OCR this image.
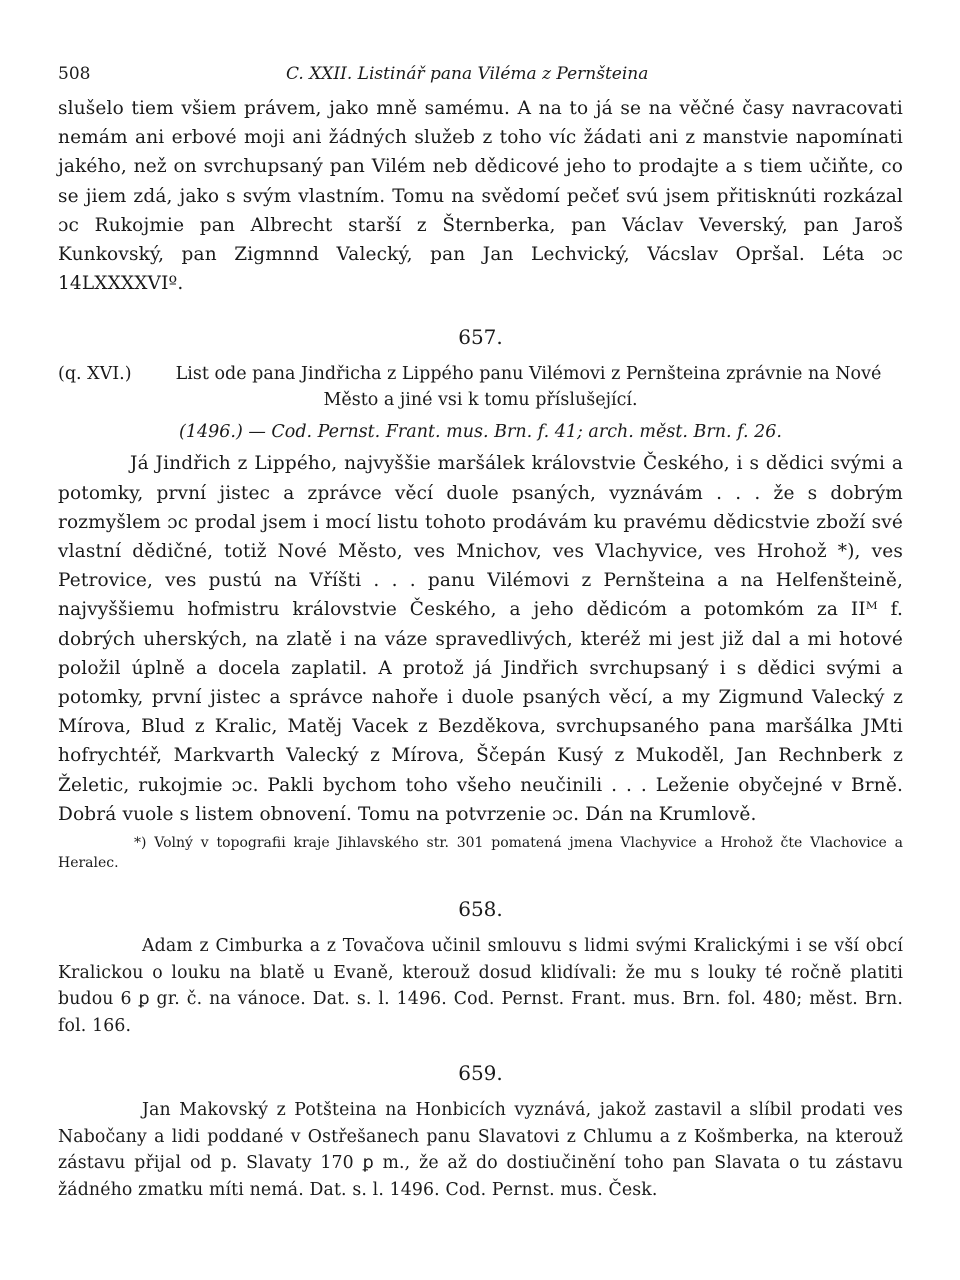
508	C. XXII. Listinář pana Viléma z Pernšteina

slušelo tiem všiem právem, jako mně samému. A na to já se na věčné časy navracovati nemám ani erbové moji ani žádných služeb z toho víc žádati ani z manstvie napomínati jakého, než on svrchupsaný pan Vilém neb dědicové jeho to prodajte a s tiem učiňte, co se jiem zdá, jako s svým vlastním. Tomu na svědomí pečeť svú jsem přitisknúti rozkázal ɔc Rukojmie pan Albrecht starší z Šternberka, pan Václav Veverský, pan Jaroš Kunkovský, pan Zigmnnd Valecký, pan Jan Lechvický, Vácslav Opršal. Léta ɔc 14LXXXXVIº.

657.
(q. XVI.)	List ode pana Jindřicha z Lippého panu Vilémovi z Pernšteina zprávnie na Nové Město a jiné vsi k tomu příslušející.
(1496.) — Cod. Pernst. Frant. mus. Brn. f. 41; arch. měst. Brn. f. 26.

Já Jindřich z Lippého, najvyššie maršálek královstvie Českého, i s dědici svými a potomky, první jistec a zprávce věcí duole psaných, vyznávám . . . že s dobrým rozmyšlem ɔc prodal jsem i mocí listu tohoto prodávám ku pravému dědicstvie zboží své vlastní dědičné, totiž Nové Město, ves Mnichov, ves Vlachyvice, ves Hrohož *), ves Petrovice, ves pustú na Vříšti . . . panu Vilémovi z Pernšteina a na Helfenšteině, najvyššiemu hofmistru královstvie Českého, a jeho dědicóm a potomkóm za IIᴹ f. dobrých uherských, na zlatě i na váze spravedlivých, kteréž mi jest již dal a mi hotové položil úplně a docela zaplatil. A protož já Jindřich svrchupsaný i s dědici svými a potomky, první jistec a správce nahoře i duole psaných věcí, a my Zigmund Valecký z Mírova, Blud z Kralic, Matěj Vacek z Bezděkova, svrchupsaného pana maršálka JMti hofrychtéř, Markvarth Valecký z Mírova, Ščepán Kusý z Mukoděl, Jan Rechnberk z Želetic, rukojmie ɔc. Pakli bychom toho všeho neučinili . . . Leženie obyčejné v Brně. Dobrá vuole s listem obnovení. Tomu na potvrzenie ɔc. Dán na Krumlově.

*) Volný v topografii kraje Jihlavského str. 301 pomatená jmena Vlachyvice a Hrohož čte Vlachovice a Heralec.
658.

Adam z Cimburka a z Tovačova učinil smlouvu s lidmi svými Kralickými i se vší obcí Kralickou o louku na blatě u Evaně, kterouž dosud klidívali: že mu s louky té ročně platiti budou 6 ꝑ gr. č. na vánoce. Dat. s. l. 1496. Cod. Pernst. Frant. mus. Brn. fol. 480; měst. Brn. fol. 166.

659.

Jan Makovský z Potšteina na Honbicích vyznává, jakož zastavil a slíbil prodati ves Nabočany a lidi poddané v Ostřešanech panu Slavatovi z Chlumu a z Košmberka, na kterouž zástavu přijal od p. Slavaty 170 ꝑ m., že až do dostiučinění toho pan Slavata o tu zástavu žádného zmatku míti nemá. Dat. s. l. 1496. Cod. Pernst. mus. Česk.
